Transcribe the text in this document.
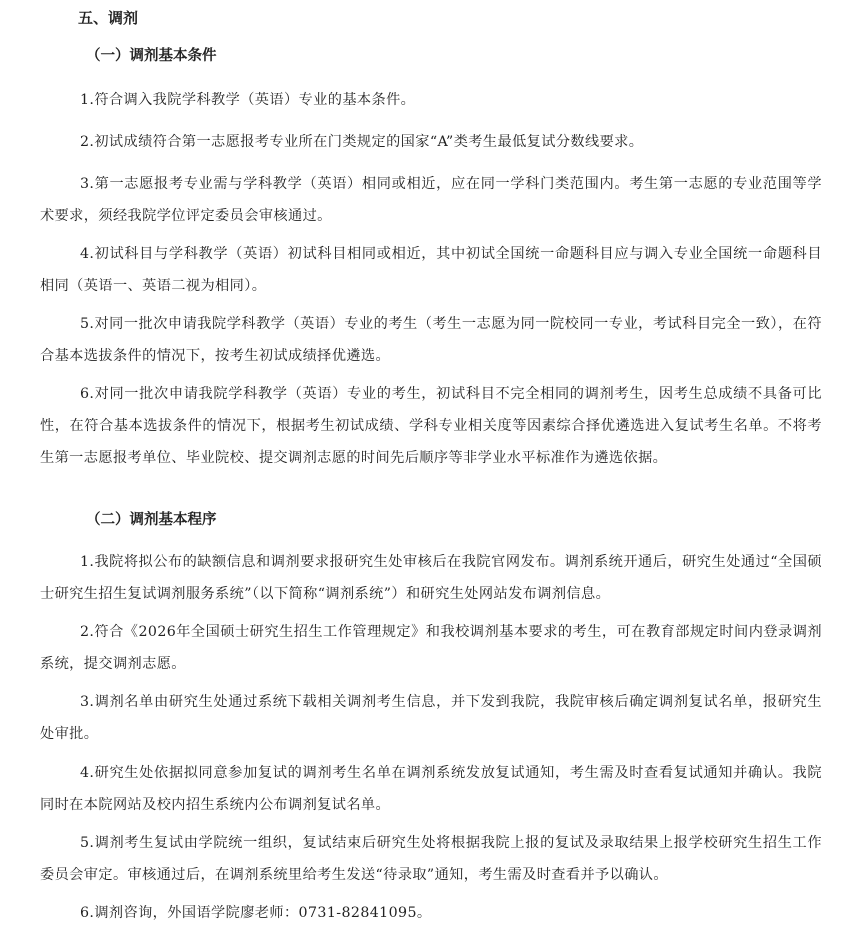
五、调剂
（一）调剂基本条件

1.符合调入我院学科教学（英语）专业的基本条件。

2.初试成绩符合第一志愿报考专业所在门类规定的国家“A”类考生最低复试分数线要求。

3.第一志愿报考专业需与学科教学（英语）相同或相近，应在同一学科门类范围内。考生第一志愿的专业范围等学术要求，须经我院学位评定委员会审核通过。

4.初试科目与学科教学（英语）初试科目相同或相近，其中初试全国统一命题科目应与调入专业全国统一命题科目相同（英语一、英语二视为相同）。

5.对同一批次申请我院学科教学（英语）专业的考生（考生一志愿为同一院校同一专业，考试科目完全一致），在符合基本选拔条件的情况下，按考生初试成绩择优遴选。

6.对同一批次申请我院学科教学（英语）专业的考生，初试科目不完全相同的调剂考生，因考生总成绩不具备可比性，在符合基本选拔条件的情况下，根据考生初试成绩、学科专业相关度等因素综合择优遴选进入复试考生名单。不将考生第一志愿报考单位、毕业院校、提交调剂志愿的时间先后顺序等非学业水平标准作为遴选依据。

（二）调剂基本程序

1.我院将拟公布的缺额信息和调剂要求报研究生处审核后在我院官网发布。调剂系统开通后，研究生处通过“全国硕士研究生招生复试调剂服务系统”（以下简称“调剂系统”）和研究生处网站发布调剂信息。

2.符合《2026年全国硕士研究生招生工作管理规定》和我校调剂基本要求的考生，可在教育部规定时间内登录调剂系统，提交调剂志愿。

3.调剂名单由研究生处通过系统下载相关调剂考生信息，并下发到我院，我院审核后确定调剂复试名单，报研究生处审批。

4.研究生处依据拟同意参加复试的调剂考生名单在调剂系统发放复试通知，考生需及时查看复试通知并确认。我院同时在本院网站及校内招生系统内公布调剂复试名单。

5.调剂考生复试由学院统一组织，复试结束后研究生处将根据我院上报的复试及录取结果上报学校研究生招生工作委员会审定。审核通过后，在调剂系统里给考生发送“待录取”通知，考生需及时查看并予以确认。

6.调剂咨询，外国语学院廖老师：0731-82841095。
